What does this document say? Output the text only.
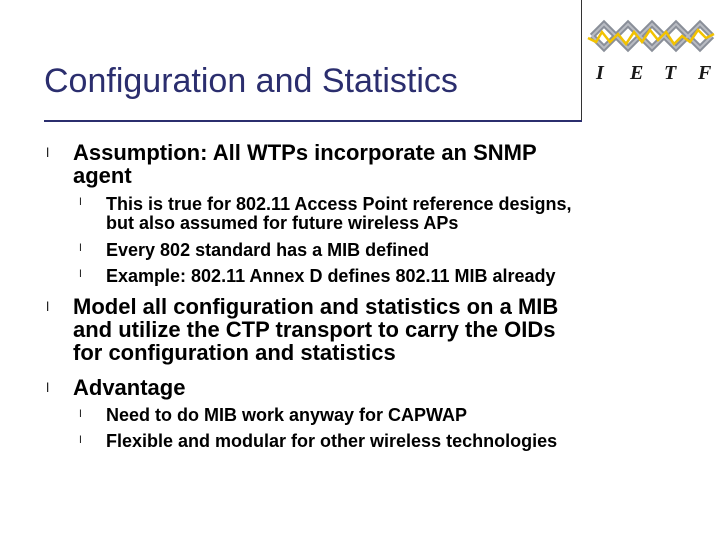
Configuration and Statistics	I E T F
l Assumption: All WTPs incorporate an SNMP
agent
l This is true for 802.11 Access Point reference designs,
but also assumed for future wireless APs
l Every 802 standard has a MIB defined
l Example: 802.11 Annex D defines 802.11 MIB already
l Model all configuration and statistics on a MIB
and utilize the CTP transport to carry the OIDs
for configuration and statistics
l Advantage
l Need to do MIB work anyway for CAPWAP
l Flexible and modular for other wireless technologies
